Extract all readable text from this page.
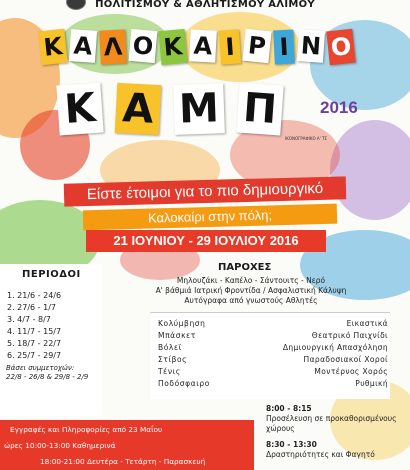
ΠΟΛΙΤΙΣΜΟΥ & ΑΘΛΗΤΙΣΜΟΥ ΑΛΙΜΟΥ
Κ Α Λ Ο Κ Α Ι Ρ Ι Ν Ο
Κ Α Μ Π	2016
ΙΚΟΝΟΓΡΑΦΙΚΟ Α' ΤΣ
Είστε έτοιμοι για το πιο δημιουργικό
Καλοκαίρι στην πόλη;
21 ΙΟΥΝΙΟΥ - 29 ΙΟΥΛΙΟΥ 2016
ΠΕΡΙΟΔΟΙ
1. 21/6 - 24/6
2. 27/6 - 1/7
3. 4/7 - 8/7
4. 11/7 - 15/7
5. 18/7 - 22/7
6. 25/7 - 29/7
Βάσει συμμετοχών:
22/8 - 26/8 & 29/8 - 2/9
ΠΑΡΟΧΕΣ
Μηλουζάκι - Καπέλο - Σάντουιτς - Νερό
Α' βάθμιά Ιατρική Φροντίδα / Ασφαλιστική Κάλυψη
Αυτόγραφα από γνωστούς Αθλητές
Κολύμβηση
Μπάσκετ
Βόλεϊ
Στίβος
Τένις
Ποδόσφαιρο
Εικαστικά
Θεατρικό Παιχνίδι
Δημιουργική Απασχόληση
Παραδοσιακοί Χοροί
Μοντέρνος Χορός
Ρυθμική
8:00 - 8:15
Προσέλευση σε προκαθορισμένους χώρους
8:30 - 13:30
Δραστηριότητες και Φαγητό
Εγγραφές και Πληροφορίες από 23 Μαΐου
ώρες 10:00-13:00 Καθημερινά
18:00-21:00 Δευτέρα - Τετάρτη - Παρασκευή
